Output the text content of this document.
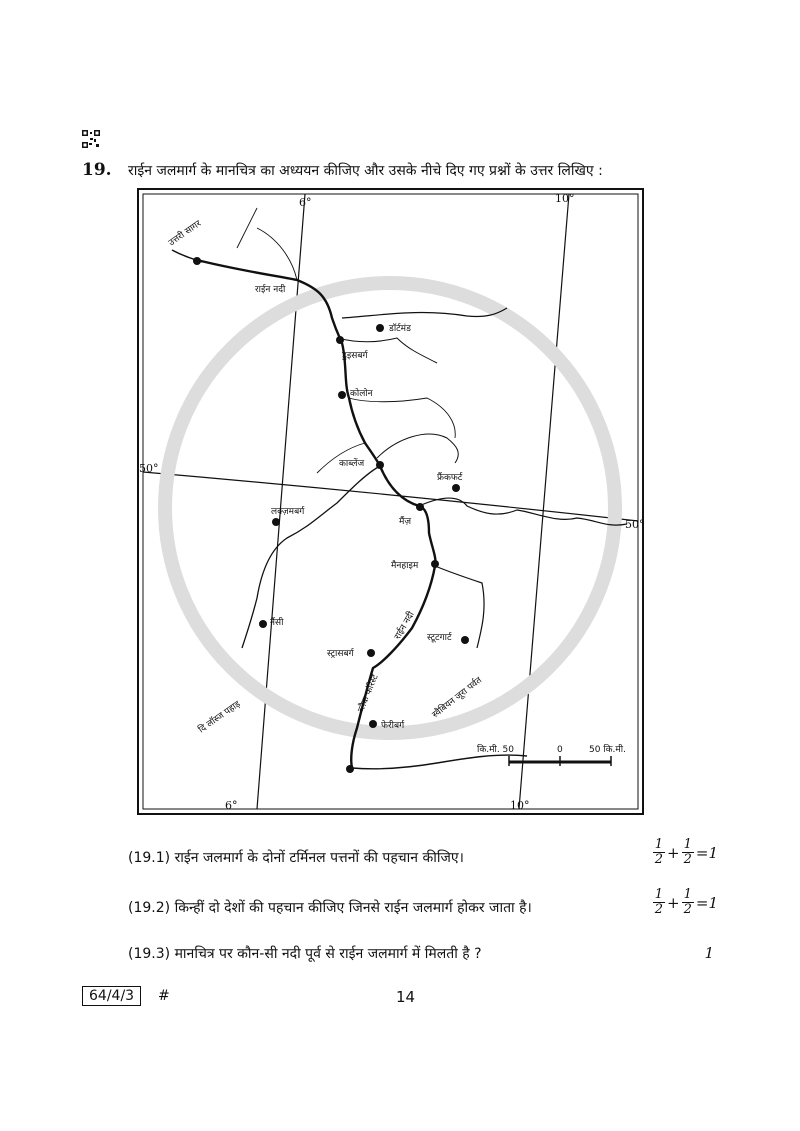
19. राईन जलमार्ग के मानचित्र का अध्ययन कीजिए और उसके नीचे दिए गए प्रश्नों के उत्तर लिखिए :
6°	10°
6°	10°
50°
50°
उत्तरी सागर
राईन नदी
डॉर्टमंड
डुइसबर्ग
कोलोन
काब्लेंज
फ्रैंकफर्ट
मैंज़
लक्ज़मबर्ग
मैनहाइम
राईन नदी
नैंसी
स्टूटगार्ट
स्ट्रासबर्ग
ब्लैक फॉरेस्ट	स्वैबियन जूरा पर्वत
दि लॉस्ज पहाड़	फेरीबर्ग
कि.मी. 50	0	50 कि.मी.
(19.1) राईन जलमार्ग के दोनों टर्मिनल पत्तनों की पहचान कीजिए।	$\frac{1}{2} + \frac{1}{2} =1$
(19.2) किन्हीं दो देशों की पहचान कीजिए जिनसे राईन जलमार्ग होकर जाता है।	$\frac{1}{2} + \frac{1}{2} =1$
(19.3) मानचित्र पर कौन-सी नदी पूर्व से राईन जलमार्ग में मिलती है ?	1
64/4/3	#	14
